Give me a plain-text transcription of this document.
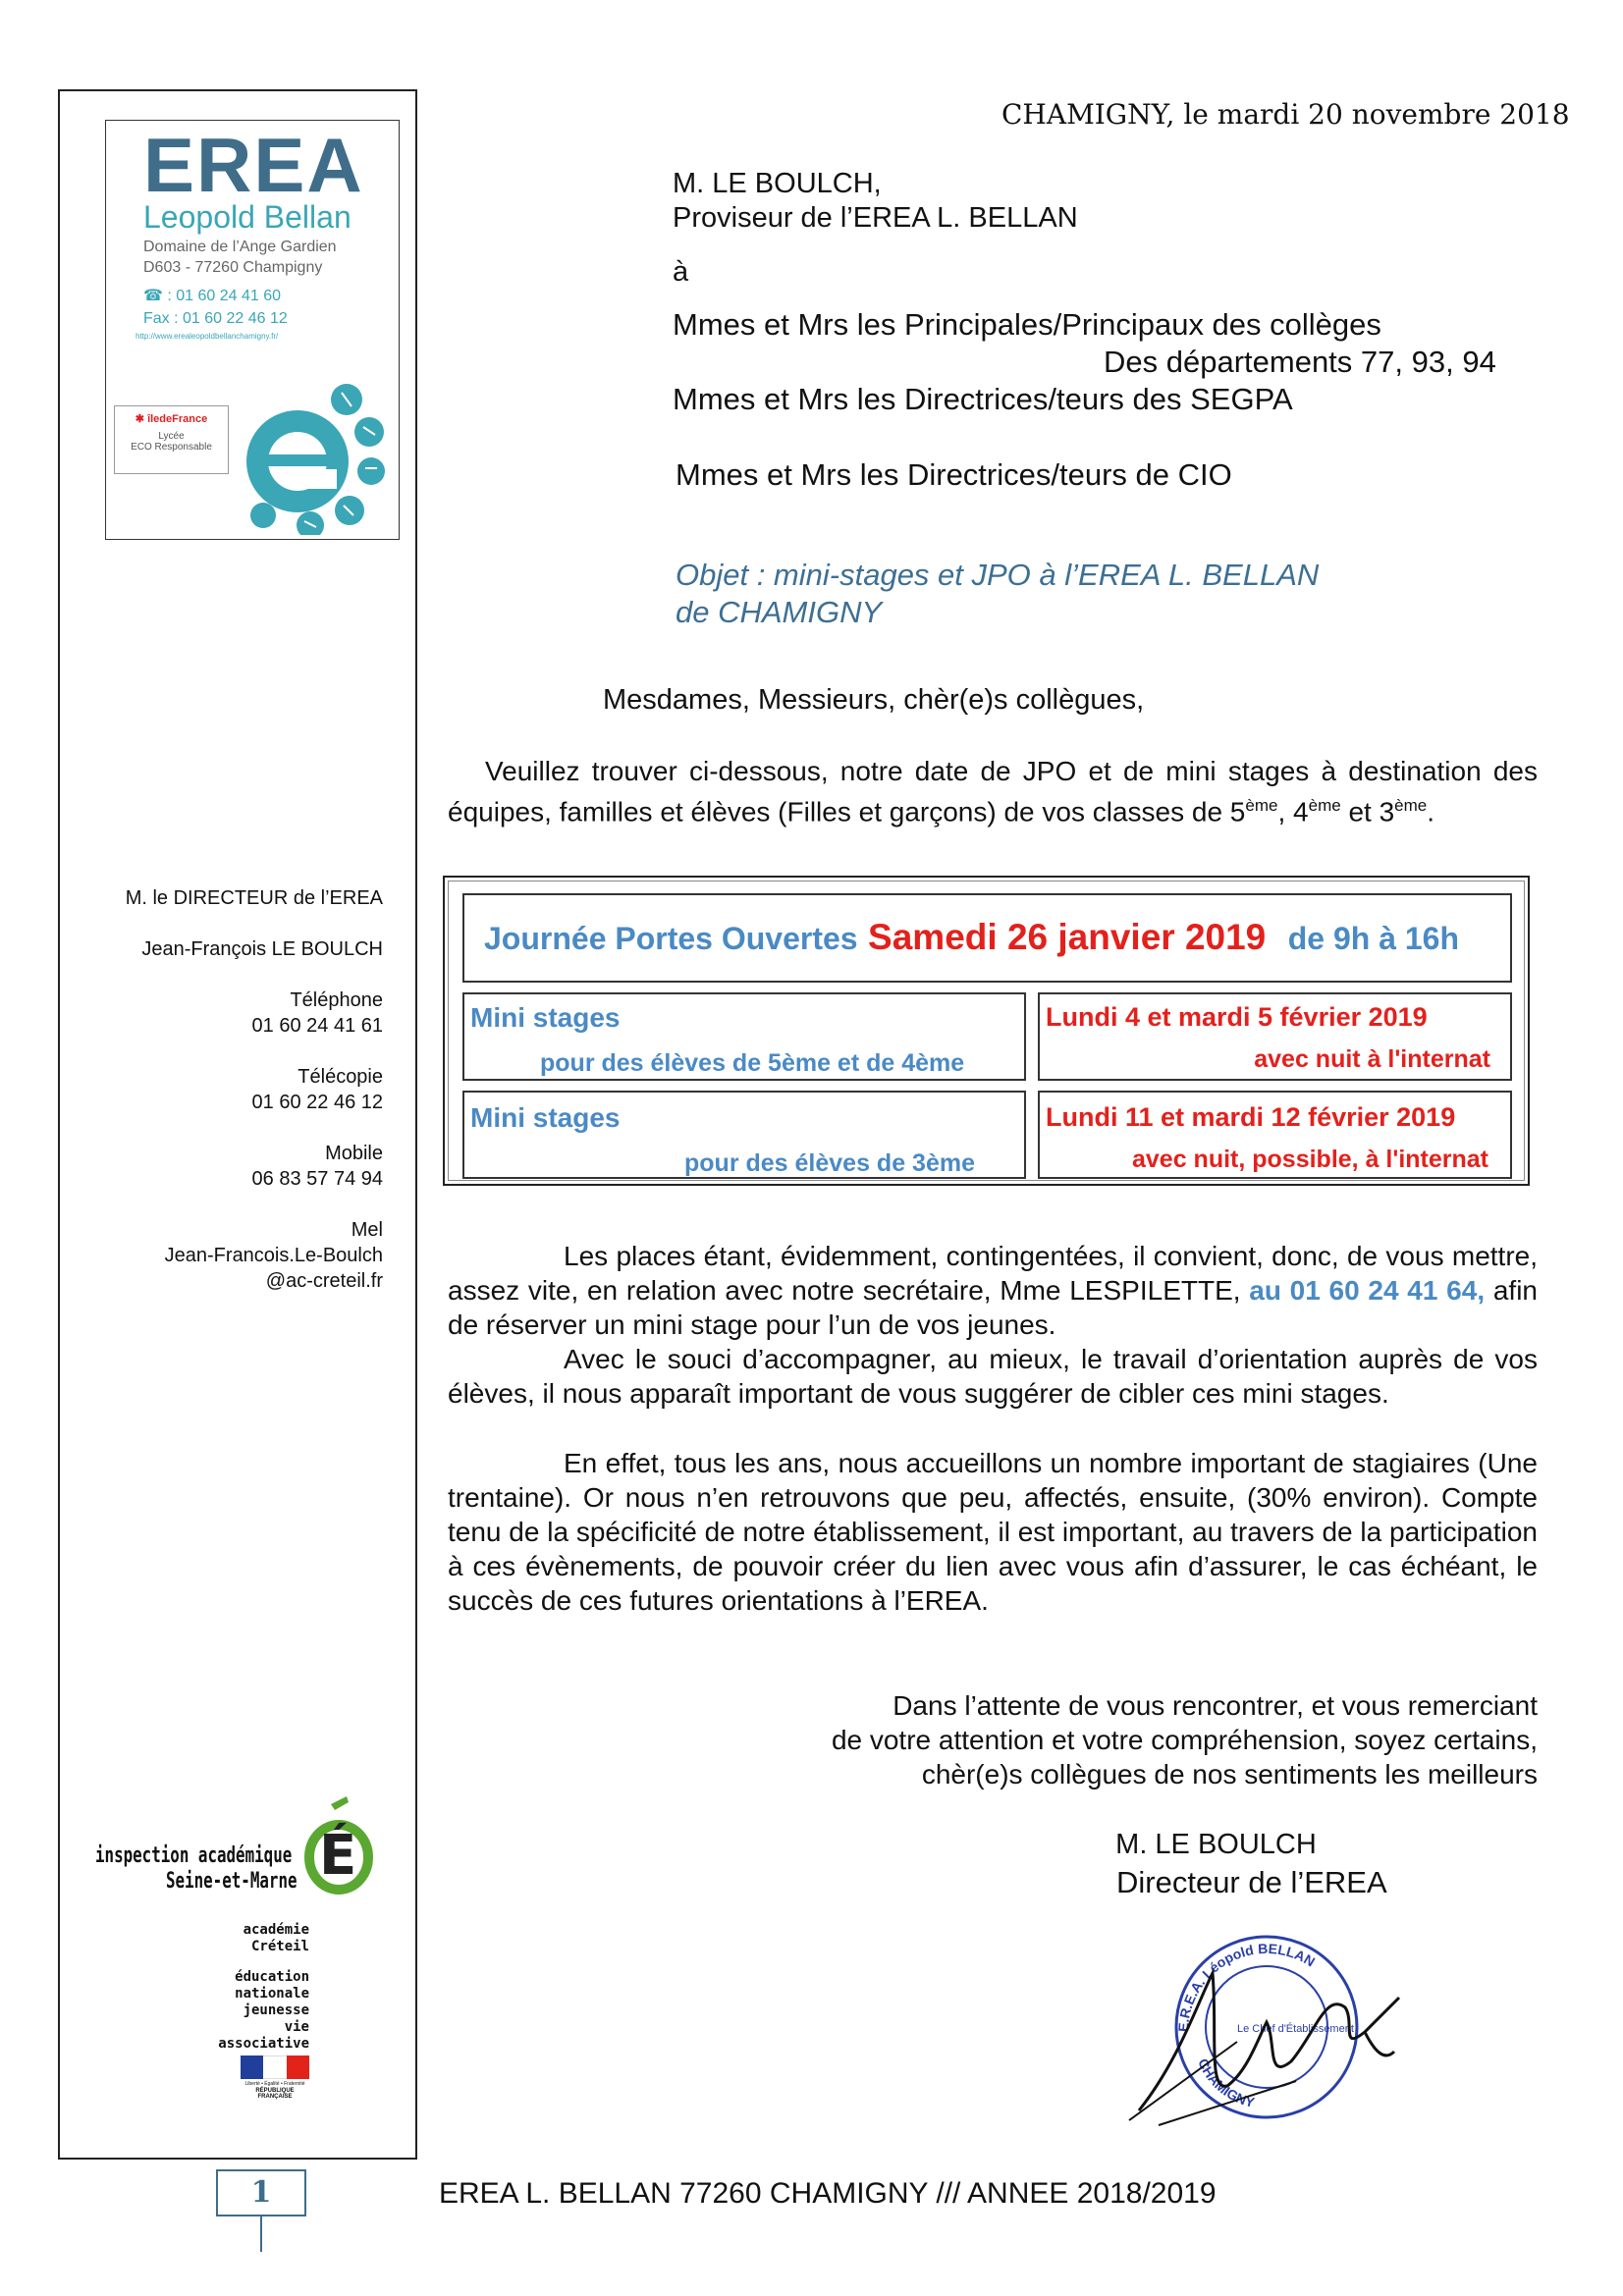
CHAMIGNY, le mardi 20 novembre 2018
EREA
Leopold Bellan
Domaine de l’Ange Gardien
D603 - 77260 Champigny
☎ : 01 60 24 41 60
Fax : 01 60 22 46 12
http://www.erealeopoldbellanchamigny.fr/
✱ îledeFrance
Lycée
ECO Responsable
M. le DIRECTEUR de l’EREA
Jean-François LE BOULCH
Téléphone
01 60 24 41 61
Télécopie
01 60 22 46 12
Mobile
06 83 57 74 94
Mel
Jean-Francois.Le-Boulch
@ac-creteil.fr
inspection académique
Seine-et-Marne É
académie
Créteil
éducation
nationale
jeunesse
vie associative
Liberté • Égalité • Fraternité
RÉPUBLIQUE FRANÇAISE
M. LE BOULCH,
Proviseur de l’EREA L. BELLAN
à
Mmes et Mrs les Principales/Principaux des collèges
Des départements 77, 93, 94
Mmes et Mrs les Directrices/teurs des SEGPA
Mmes et Mrs les Directrices/teurs de CIO
Objet : mini-stages et JPO à l’EREA L. BELLAN
de CHAMIGNY
Mesdames, Messieurs, chèr(e)s collègues,
Veuillez trouver ci-dessous, notre date de JPO et de mini stages à destination des équipes, familles et élèves (Filles et garçons) de vos classes de 5ème, 4ème et 3ème.
Journée Portes Ouvertes Samedi 26 janvier 2019 de 9h à 16h
Mini stages
pour des élèves de 5ème et de 4ème
Lundi 4 et mardi 5 février 2019
avec nuit à l'internat
Mini stages
pour des élèves de 3ème
Lundi 11 et mardi 12 février 2019
avec nuit, possible, à l'internat
Les places étant, évidemment, contingentées, il convient, donc, de vous mettre, assez vite, en relation avec notre secrétaire, Mme LESPILETTE, au 01 60 24 41 64, afin de réserver un mini stage pour l’un de vos jeunes.
Avec le souci d’accompagner, au mieux, le travail d’orientation auprès de vos élèves, il nous apparaît important de vous suggérer de cibler ces mini stages.
En effet, tous les ans, nous accueillons un nombre important de stagiaires (Une trentaine). Or nous n’en retrouvons que peu, affectés, ensuite, (30% environ). Compte tenu de la spécificité de notre établissement, il est important, au travers de la participation à ces évènements, de pouvoir créer du lien avec vous afin d’assurer, le cas échéant, le succès de ces futures orientations à l’EREA.
Dans l’attente de vous rencontrer, et vous remerciant
de votre attention et votre compréhension, soyez certains,
chèr(e)s collègues de nos sentiments les meilleurs
M. LE BOULCH
Directeur de l’EREA
E.R.E.A. Léopold BELLAN
CHAMIGNY
Le Chef d'Établissement
1	EREA L. BELLAN 77260 CHAMIGNY /// ANNEE 2018/2019
